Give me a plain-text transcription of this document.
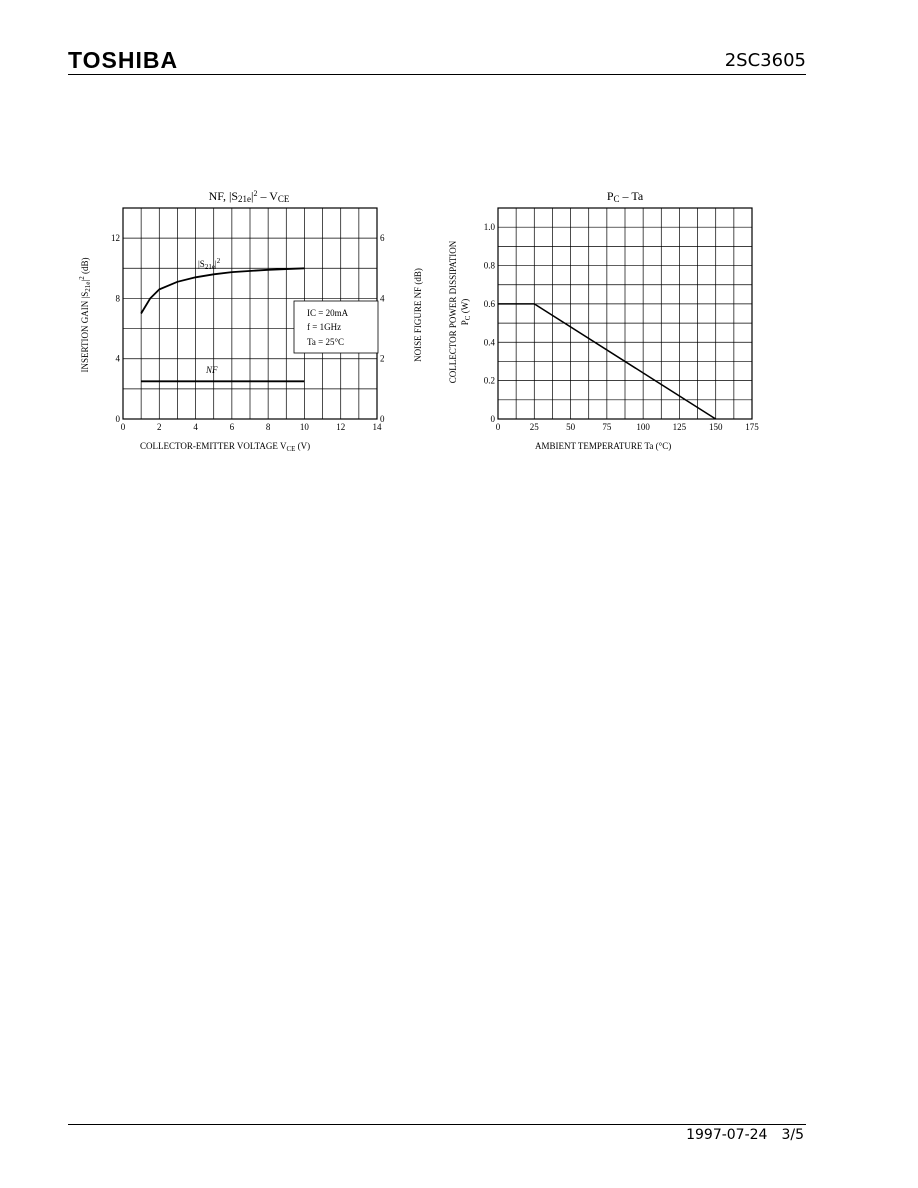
TOSHIBA	2SC3605
NF, $|S21e|^2$ – VCE
0	2	4	6	8	10	12	14
0
4
8
12
0
2
4
6
IC = 20mA
f = 1GHz
Ta = 25°C
$|S_{21e}|^2$
NF
COLLECTOR-EMITTER VOLTAGE $V_{CE}$ (V)
INSERTION GAIN $|S_{21e}|^2$ (dB)
NOISE FIGURE NF (dB)
PC – Ta
0	25	50	75	100	125	150	175
0
0.2
0.4
0.6
0.8
1.0
AMBIENT TEMPERATURE Ta (°C)
COLLECTOR POWER DISSIPATION $P_C$ (W)
1997-07-24 3/5
